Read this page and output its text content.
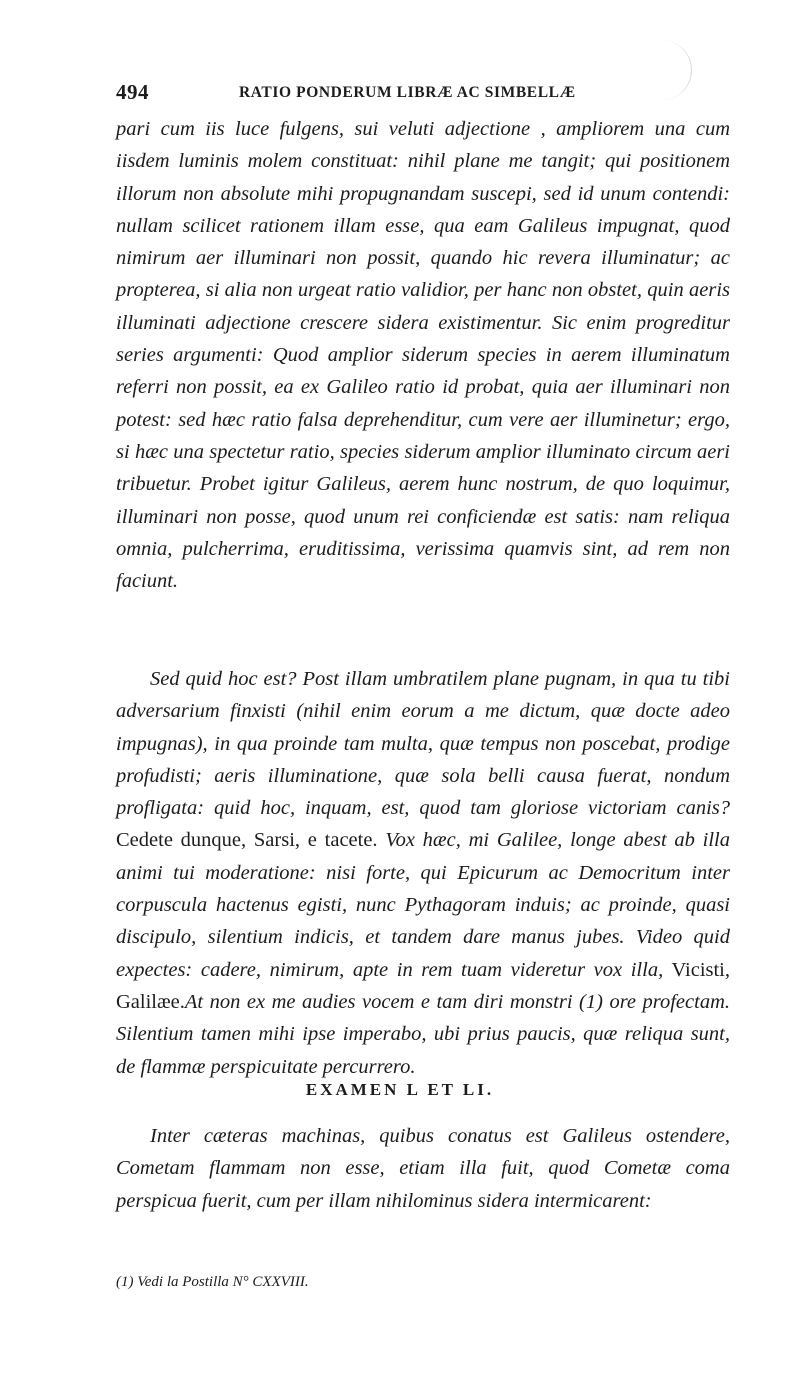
494	RATIO PONDERUM LIBRÆ AC SIMBELLÆ

pari cum iis luce fulgens, sui veluti adjectione , ampliorem una cum iisdem luminis molem constituat: nihil plane me tangit; qui positionem illorum non absolute mihi propugnandam suscepi, sed id unum contendi: nullam scilicet rationem illam esse, qua eam Galileus impugnat, quod nimirum aer illuminari non possit, quando hic revera illuminatur; ac propterea, si alia non urgeat ratio validior, per hanc non obstet, quin aeris illuminati adjectione crescere sidera existimentur. Sic enim progreditur series argumenti: Quod amplior siderum species in aerem illuminatum referri non possit, ea ex Galileo ratio id probat, quia aer illuminari non potest: sed hæc ratio falsa deprehenditur, cum vere aer illuminetur; ergo, si hæc una spectetur ratio, species siderum amplior illuminato circum aeri tribuetur. Probet igitur Galileus, aerem hunc nostrum, de quo loquimur, illuminari non posse, quod unum rei conficiendæ est satis: nam reliqua omnia, pulcherrima, eruditissima, verissima quamvis sint, ad rem non faciunt.

Sed quid hoc est? Post illam umbratilem plane pugnam, in qua tu tibi adversarium finxisti (nihil enim eorum a me dictum, quæ docte adeo impugnas), in qua proinde tam multa, quæ tempus non poscebat, prodige profudisti; aeris illuminatione, quæ sola belli causa fuerat, nondum profligata: quid hoc, inquam, est, quod tam gloriose victoriam canis? Cedete dunque, Sarsi, e tacete. Vox hæc, mi Galilee, longe abest ab illa animi tui moderatione: nisi forte, qui Epicurum ac Democritum inter corpuscula hactenus egisti, nunc Pythagoram induis; ac proinde, quasi discipulo, silentium indicis, et tandem dare manus jubes. Video quid expectes: cadere, nimirum, apte in rem tuam videretur vox illa, Vicisti, Galilæe.At non ex me audies vocem e tam diri monstri (1) ore profectam. Silentium tamen mihi ipse imperabo, ubi prius paucis, quæ reliqua sunt, de flammæ perspicuitate percurrero.

EXAMEN L ET LI.

Inter cæteras machinas, quibus conatus est Galileus ostendere, Cometam flammam non esse, etiam illa fuit, quod Cometæ coma perspicua fuerit, cum per illam nihilominus sidera intermicarent:

(1) Vedi la Postilla N° CXXVIII.
